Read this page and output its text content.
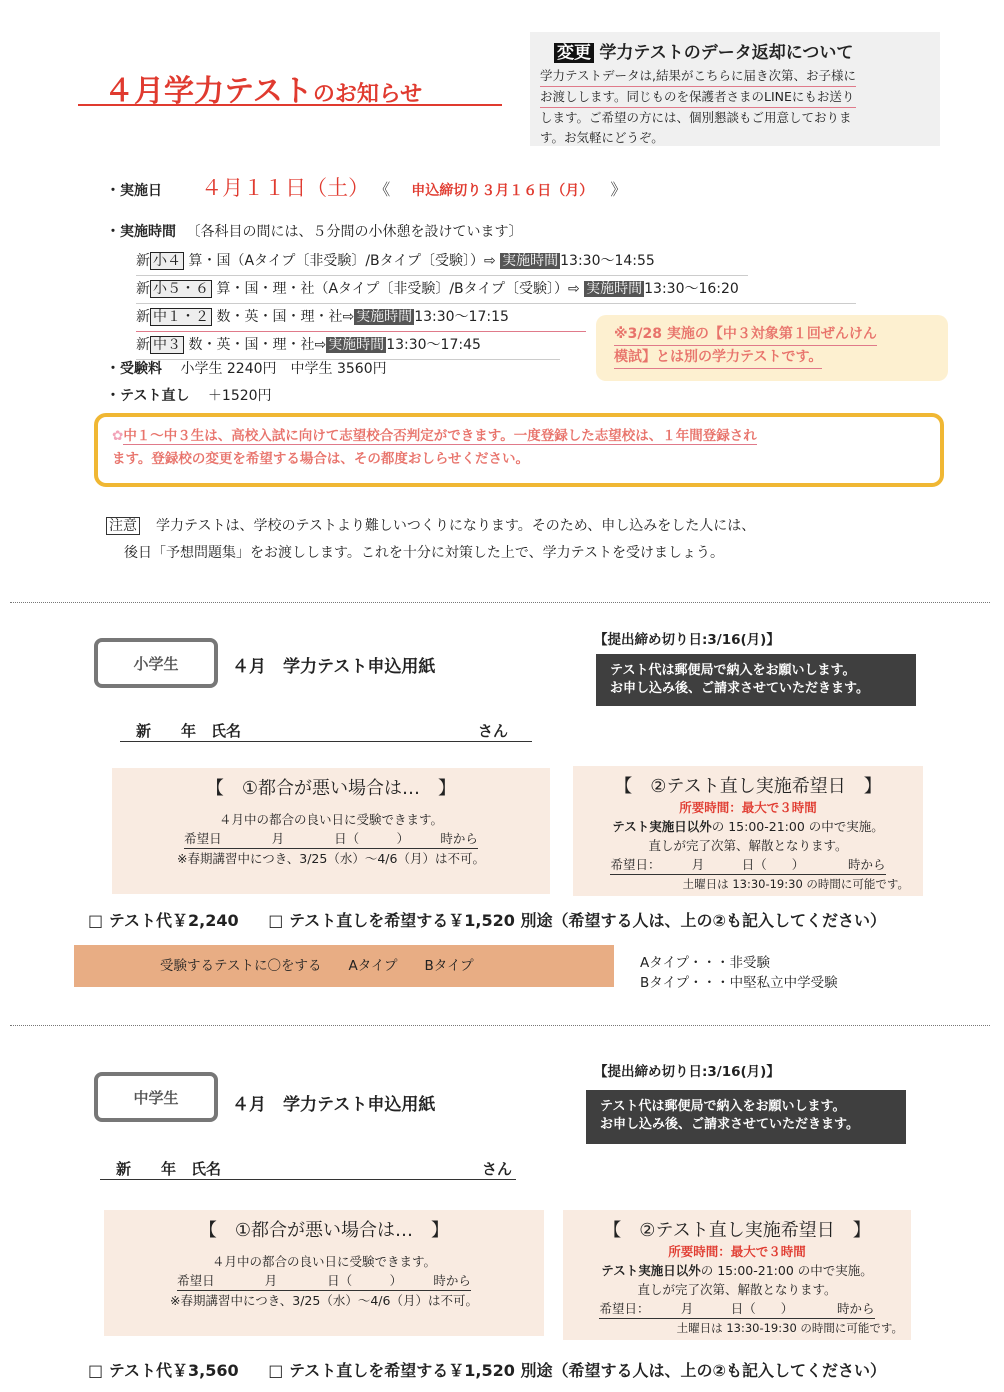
４月学力テストのお知らせ
変更 学力テストのデータ返却について
学力テストデータは,結果がこちらに届き次第、お子様に
お渡しします。同じものを保護者さまのLINEにもお送り
します。ご希望の方には、個別懇談もご用意しておりま
す。お気軽にどうぞ。
・実施日 ４月１１日（土） 《 申込締切り３月１６日（月） 》
・実施時間 〔各科目の間には、５分間の小休憩を設けています〕
新 小４ 算・国（Aタイプ〔非受験〕/Bタイプ〔受験〕）⇨ 実施時間 13:30～14:55
新 小５・６ 算・国・理・社（Aタイプ〔非受験〕/Bタイプ〔受験〕）⇨ 実施時間 13:30～16:20
新 中１・２ 数・英・国・理・社⇨ 実施時間 13:30～17:15
新 中３ 数・英・国・理・社⇨ 実施時間 13:30～17:45
※3/28 実施の【中３対象第１回ぜんけん
模試】とは別の学力テストです。
・受験料 小学生 2240円　中学生 3560円
・テスト直し ＋1520円
✿中１～中３生は、高校入試に向けて志望校合否判定ができます。一度登録した志望校は、１年間登録され
ます。登録校の変更を希望する場合は、その都度おしらせください。
注意 学力テストは、学校のテストより難しいつくりになります。そのため、申し込みをした人には、
後日「予想問題集」をお渡しします。これを十分に対策した上で、学力テストを受けましょう。
小学生	４月　学力テスト申込用紙
【提出締め切り日:3/16(月)】
テスト代は郵便局で納入をお願いします。
お申し込み後、ご請求させていただきます。
新　　年　氏名	さん
【　①都合が悪い場合は…　】
４月中の都合の良い日に受験できます。
希望日　　　　月　　　　日（　　　）　　　時から
※春期講習中につき、3/25（水）～4/6（月）は不可。
【　②テスト直し実施希望日　】
所要時間：最大で３時間
テスト実施日以外の 15:00-21:00 の中で実施。
直しが完了次第、解散となります。
希望日：　　　月　　　日（　　）　　　　時から
土曜日は 13:30-19:30 の時間に可能です。
□ テスト代￥2,240 □ テスト直しを希望する￥1,520 別途（希望する人は、上の②も記入してください）
受験するテストに〇をする　　Aタイプ　　Bタイプ	Aタイプ・・・非受験
Bタイプ・・・中堅私立中学受験
中学生	４月　学力テスト申込用紙
【提出締め切り日:3/16(月)】
テスト代は郵便局で納入をお願いします。
お申し込み後、ご請求させていただきます。
新　　年　氏名	さん
【　①都合が悪い場合は…　】
４月中の都合の良い日に受験できます。
希望日　　　　月　　　　日（　　　）　　　時から
※春期講習中につき、3/25（水）～4/6（月）は不可。
【　②テスト直し実施希望日　】
所要時間：最大で３時間
テスト実施日以外の 15:00-21:00 の中で実施。
直しが完了次第、解散となります。
希望日：　　　月　　　日（　　）　　　　時から
土曜日は 13:30-19:30 の時間に可能です。
□ テスト代￥3,560 □ テスト直しを希望する￥1,520 別途（希望する人は、上の②も記入してください）
